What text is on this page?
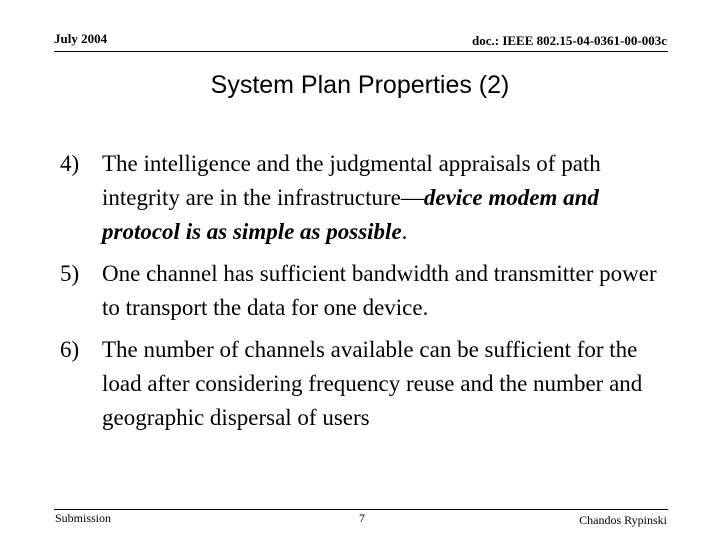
July 2004	doc.: IEEE 802.15-04-0361-00-003c
System Plan Properties (2)
4) The intelligence and the judgmental appraisals of path integrity are in the infrastructure—device modem and protocol is as simple as possible.
5) One channel has sufficient bandwidth and transmitter power to transport the data for one device.
6) The number of channels available can be sufficient for the load after considering frequency reuse and the number and geographic dispersal of users
Submission	7	Chandos Rypinski
